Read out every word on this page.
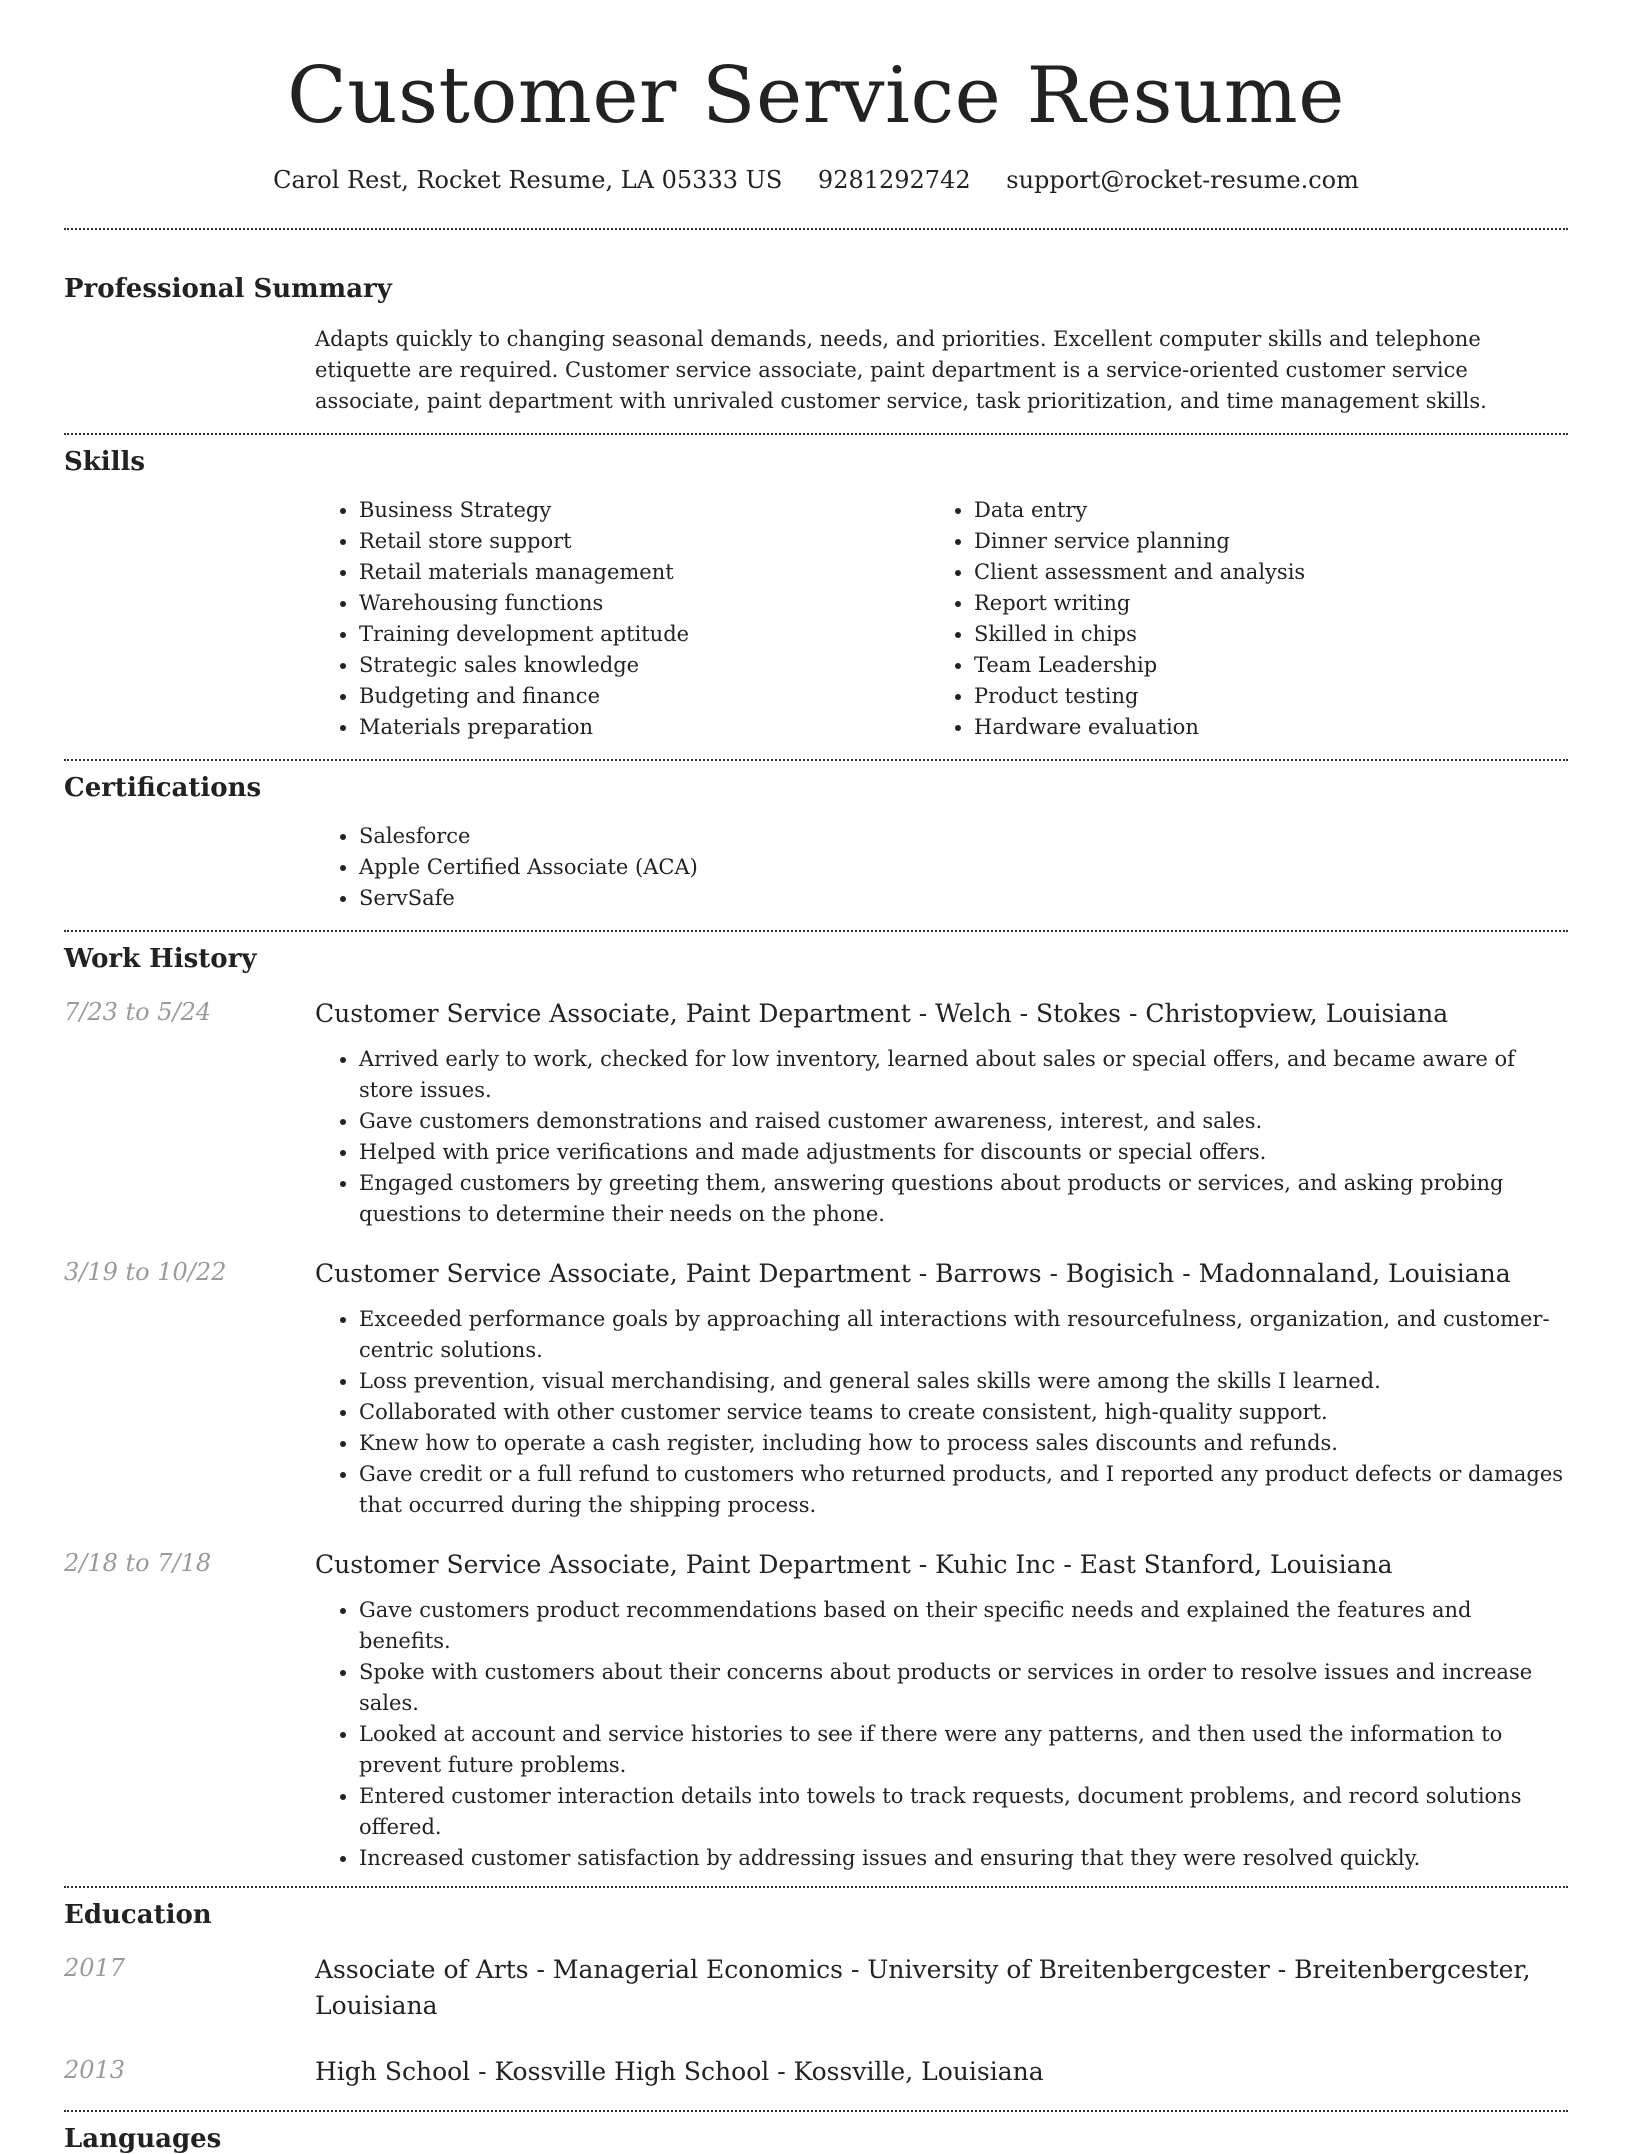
Customer Service Resume
Carol Rest, Rocket Resume, LA 05333 US 9281292742 support@rocket-resume.com
Professional Summary

Adapts quickly to changing seasonal demands, needs, and priorities. Excellent computer skills and telephone etiquette are required. Customer service associate, paint department is a service-oriented customer service associate, paint department with unrivaled customer service, task prioritization, and time management skills.

Skills
• Business Strategy
• Retail store support
• Retail materials management
• Warehousing functions
• Training development aptitude
• Strategic sales knowledge
• Budgeting and finance
• Materials preparation
• Data entry
• Dinner service planning
• Client assessment and analysis
• Report writing
• Skilled in chips
• Team Leadership
• Product testing
• Hardware evaluation
Certifications
• Salesforce
• Apple Certified Associate (ACA)
• ServSafe
Work History
7/23 to 5/24	Customer Service Associate, Paint Department - Welch - Stokes - Christopview, Louisiana
• Arrived early to work, checked for low inventory, learned about sales or special offers, and became aware of store issues.
• Gave customers demonstrations and raised customer awareness, interest, and sales.
• Helped with price verifications and made adjustments for discounts or special offers.
• Engaged customers by greeting them, answering questions about products or services, and asking probing questions to determine their needs on the phone.
3/19 to 10/22	Customer Service Associate, Paint Department - Barrows - Bogisich - Madonnaland, Louisiana
• Exceeded performance goals by approaching all interactions with resourcefulness, organization, and customer-centric solutions.
• Loss prevention, visual merchandising, and general sales skills were among the skills I learned.
• Collaborated with other customer service teams to create consistent, high-quality support.
• Knew how to operate a cash register, including how to process sales discounts and refunds.
• Gave credit or a full refund to customers who returned products, and I reported any product defects or damages that occurred during the shipping process.
2/18 to 7/18	Customer Service Associate, Paint Department - Kuhic Inc - East Stanford, Louisiana
• Gave customers product recommendations based on their specific needs and explained the features and benefits.
• Spoke with customers about their concerns about products or services in order to resolve issues and increase sales.
• Looked at account and service histories to see if there were any patterns, and then used the information to prevent future problems.
• Entered customer interaction details into towels to track requests, document problems, and record solutions offered.
• Increased customer satisfaction by addressing issues and ensuring that they were resolved quickly.
Education
2017	Associate of Arts - Managerial Economics - University of Breitenbergcester - Breitenbergcester, Louisiana
2013	High School - Kossville High School - Kossville, Louisiana
Languages
